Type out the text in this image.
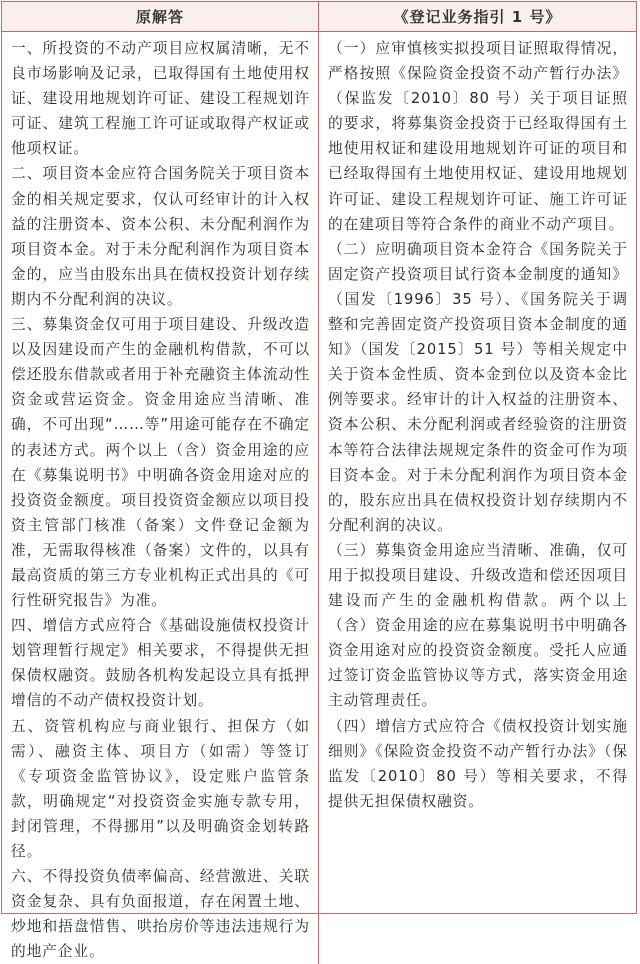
原解答	《登记业务指引 1 号》

一、所投资的不动产项目应权属清晰，无不良市场影响及记录，已取得国有土地使用权证、建设用地规划许可证、建设工程规划许可证、建筑工程施工许可证或取得产权证或他项权证。

二、项目资本金应符合国务院关于项目资本金的相关规定要求，仅认可经审计的计入权益的注册资本、资本公积、未分配利润作为项目资本金。对于未分配利润作为项目资本金的，应当由股东出具在债权投资计划存续期内不分配利润的决议。

三、募集资金仅可用于项目建设、升级改造以及因建设而产生的金融机构借款，不可以偿还股东借款或者用于补充融资主体流动性资金或营运资金。资金用途应当清晰、准确，不可出现“……等”用途可能存在不确定的表述方式。两个以上（含）资金用途的应在《募集说明书》中明确各资金用途对应的投资资金额度。项目投资资金额应以项目投资主管部门核准（备案）文件登记金额为准，无需取得核准（备案）文件的，以具有最高资质的第三方专业机构正式出具的《可行性研究报告》为准。

四、增信方式应符合《基础设施债权投资计划管理暂行规定》相关要求，不得提供无担保债权融资。鼓励各机构发起设立具有抵押增信的不动产债权投资计划。

五、资管机构应与商业银行、担保方（如需）、融资主体、项目方（如需）等签订《专项资金监管协议》，设定账户监管条款，明确规定“对投资资金实施专款专用，封闭管理，不得挪用”以及明确资金划转路径。

六、不得投资负债率偏高、经营激进、关联资金复杂、具有负面报道，存在闲置土地、炒地和捂盘惜售、哄抬房价等违法违规行为的地产企业。

（一）应审慎核实拟投项目证照取得情况，严格按照《保险资金投资不动产暂行办法》（保监发〔2010〕80 号）关于项目证照的要求，将募集资金投资于已经取得国有土地使用权证和建设用地规划许可证的项目和已经取得国有土地使用权证、建设用地规划许可证、建设工程规划许可证、施工许可证的在建项目等符合条件的商业不动产项目。

（二）应明确项目资本金符合《国务院关于固定资产投资项目试行资本金制度的通知》（国发〔1996〕35 号）、《国务院关于调整和完善固定资产投资项目资本金制度的通知》（国发〔2015〕51 号）等相关规定中关于资本金性质、资本金到位以及资本金比例等要求。经审计的计入权益的注册资本、资本公积、未分配利润或者经验资的注册资本等符合法律法规规定条件的资金可作为项目资本金。对于未分配利润作为项目资本金的，股东应出具在债权投资计划存续期内不分配利润的决议。

（三）募集资金用途应当清晰、准确，仅可用于拟投项目建设、升级改造和偿还因项目建设而产生的金融机构借款。两个以上（含）资金用途的应在募集说明书中明确各资金用途对应的投资资金额度。受托人应通过签订资金监管协议等方式，落实资金用途主动管理责任。

（四）增信方式应符合《债权投资计划实施细则》《保险资金投资不动产暂行办法》（保监发〔2010〕80 号）等相关要求，不得提供无担保债权融资。
